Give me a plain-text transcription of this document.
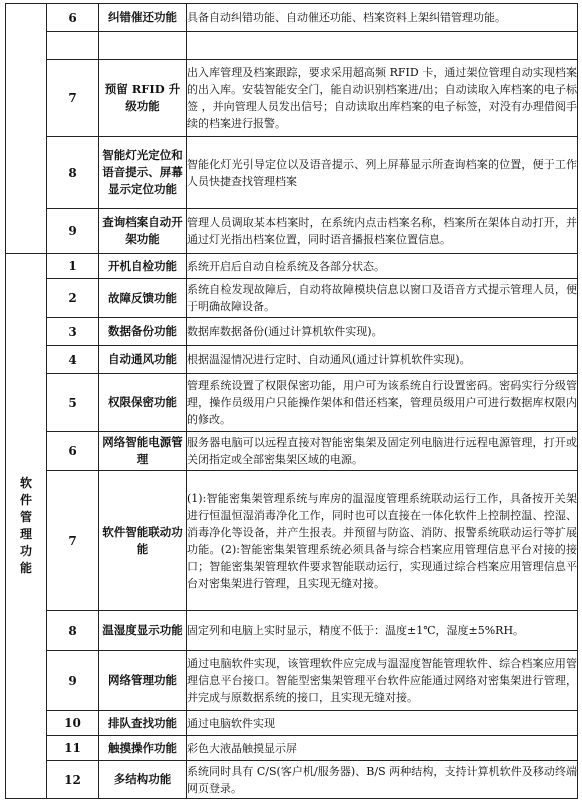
	6	纠错催还功能	具备自动纠错功能、自动催还功能、档案资料上架纠错管理功能。

	7	预留 RFID 升级功能	出入库管理及档案跟踪，要求采用超高频 RFID 卡，通过架位管理自动实现档案的出入库。安装智能安全门，能自动识别档案进/出；自动读取入库档案的电子标签 ，并向管理人员发出信号；自动读取出库档案的电子标签，对没有办理借阅手续的档案进行报警。
	8	智能灯光定位和语音提示、屏幕显示定位功能	智能化灯光引导定位以及语音提示、列上屏幕显示所查询档案的位置，便于工作人员快捷查找管理档案
	9	查询档案自动开架功能	管理人员调取某本档案时，在系统内点击档案名称，档案所在架体自动打开，并通过灯光指出档案位置，同时语音播报档案位置信息。
软件管理功能	1	开机自检功能	系统开启后自动自检系统及各部分状态。
	2	故障反馈功能	系统自检发现故障后，自动将故障模块信息以窗口及语音方式提示管理人员，便于明确故障设备。
	3	数据备份功能	数据库数据备份(通过计算机软件实现)。
	4	自动通风功能	根据温湿情况进行定时、自动通风(通过计算机软件实现)。
	5	权限保密功能	管理系统设置了权限保密功能，用户可为该系统自行设置密码。密码实行分级管理，操作员级用户只能操作架体和借还档案，管理员级用户可进行数据库权限内的修改。
	6	网络智能电源管理	服务器电脑可以远程直接对智能密集架及固定列电脑进行远程电源管理，打开或关闭指定或全部密集架区域的电源。
	7	软件智能联动功能	(1):智能密集架管理系统与库房的温湿度管理系统联动运行工作，具备按开关架进行恒温恒湿消毒净化工作，同时也可以直接在一体化软件上控制控温、控湿、消毒净化等设备，并产生报表。并预留与防盗、消防、报警系统联动运行等扩展功能。(2):智能密集架管理系统必须具备与综合档案应用管理信息平台对接的接口；智能密集架管理软件要求智能联动运行，实现通过综合档案应用管理信息平台对密集架进行管理，且实现无缝对接。
	8	温湿度显示功能	固定列和电脑上实时显示，精度不低于：温度±1℃，湿度±5%RH。
	9	网络管理功能	通过电脑软件实现，该管理软件应完成与温湿度智能管理软件、综合档案应用管理信息平台接口。智能型密集架管理平台软件应能通过网络对密集架进行管理，并完成与原数据系统的接口，且实现无缝对接。
	10	排队查找功能	通过电脑软件实现
	11	触摸操作功能	彩色大液晶触摸显示屏
	12	多结构功能	系统同时具有 C/S(客户机/服务器)、B/S 两种结构，支持计算机软件及移动终端网页登录。
